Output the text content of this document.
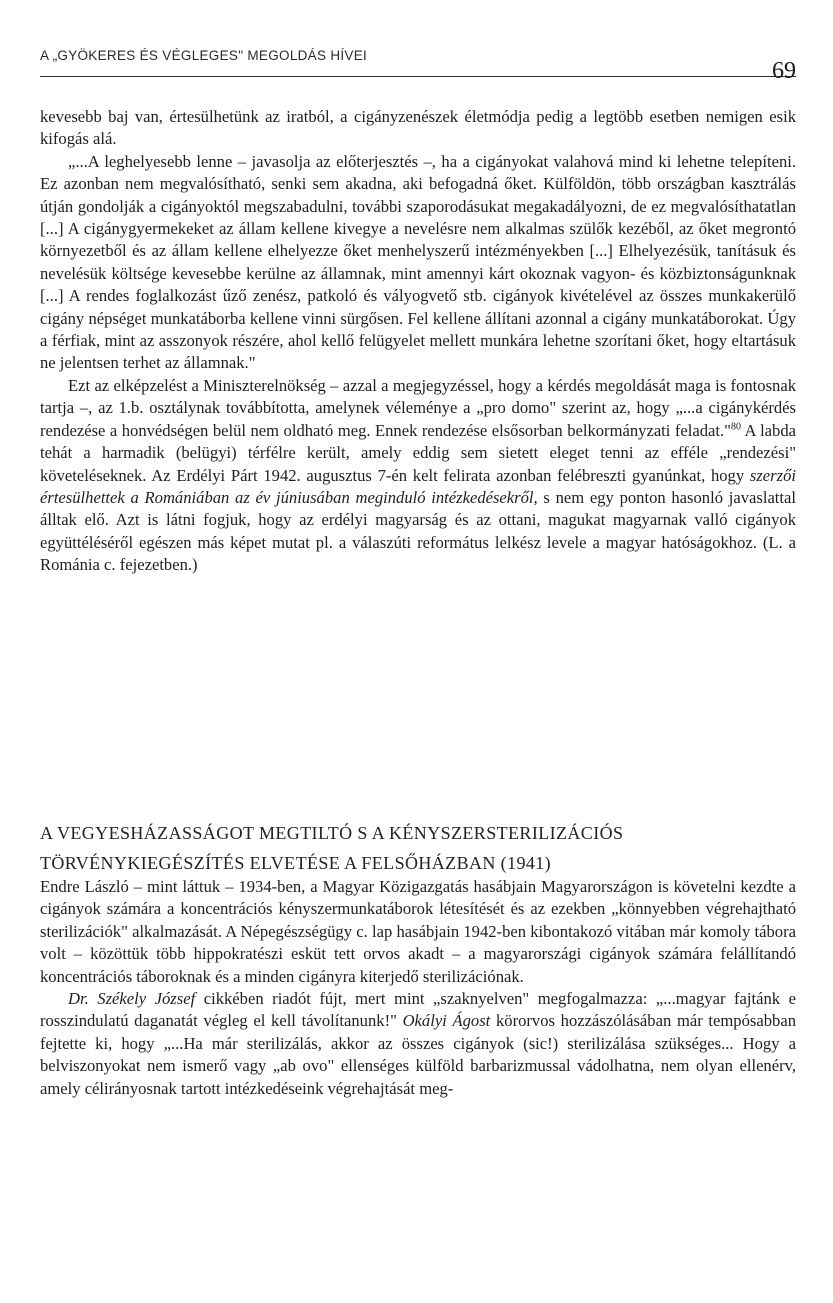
A „GYÖKERES ÉS VÉGLEGES" MEGOLDÁS HÍVEI
69

kevesebb baj van, értesülhetünk az iratból, a cigányzenészek életmódja pedig a legtöbb esetben nemigen esik kifogás alá.

„...A leghelyesebb lenne – javasolja az előterjesztés –, ha a cigányokat valahová mind ki lehetne telepíteni. Ez azonban nem megvalósítható, senki sem akadna, aki befogadná őket. Külföldön, több országban kasztrálás útján gondolják a cigányoktól megszabadulni, további szaporodásukat megakadályozni, de ez megvalósíthatatlan [...] A cigánygyermekeket az állam kellene kivegye a nevelésre nem alkalmas szülők kezéből, az őket megrontó környezetből és az állam kellene elhelyezze őket menhelyszerű intézményekben [...] Elhelyezésük, tanításuk és nevelésük költsége kevesebbe kerülne az államnak, mint amennyi kárt okoznak vagyon- és közbiztonságunknak [...] A rendes foglalkozást űző zenész, patkoló és vályogvető stb. cigányok kivételével az összes munkakerülő cigány népséget munkatáborba kellene vinni sürgősen. Fel kellene állítani azonnal a cigány munkatáborokat. Úgy a férfiak, mint az asszonyok részére, ahol kellő felügyelet mellett munkára lehetne szorítani őket, hogy eltartásuk ne jelentsen terhet az államnak."

Ezt az elképzelést a Miniszterelnökség – azzal a megjegyzéssel, hogy a kérdés megoldását maga is fontosnak tartja –, az 1.b. osztálynak továbbította, amelynek véleménye a „pro domo" szerint az, hogy „...a cigánykérdés rendezése a honvédségen belül nem oldható meg. Ennek rendezése elsősorban belkormányzati feladat."$^{80}$ A labda tehát a harmadik (belügyi) térfélre került, amely eddig sem sietett eleget tenni az efféle „rendezési" követeléseknek. Az Erdélyi Párt 1942. augusztus 7-én kelt felirata azonban felébreszti gyanúnkat, hogy szerzői értesülhettek a Romániában az év júniusában meginduló intézkedésekről, s nem egy ponton hasonló javaslattal álltak elő. Azt is látni fogjuk, hogy az erdélyi magyarság és az ottani, magukat magyarnak valló cigányok együttéléséről egészen más képet mutat pl. a válaszúti református lelkész levele a magyar hatóságokhoz. (L. a Románia c. fejezetben.)

A VEGYESHÁZASSÁGOT MEGTILTÓ S A KÉNYSZERSTERILIZÁCIÓS
TÖRVÉNYKIEGÉSZÍTÉS ELVETÉSE A FELSŐHÁZBAN (1941)

Endre László – mint láttuk – 1934-ben, a Magyar Közigazgatás hasábjain Magyarországon is követelni kezdte a cigányok számára a koncentrációs kényszermunkatáborok létesítését és az ezekben „könnyebben végrehajtható sterilizációk" alkalmazását. A Népegészségügy c. lap hasábjain 1942-ben kibontakozó vitában már komoly tábora volt – közöttük több hippokratészi esküt tett orvos akadt – a magyarországi cigányok számára felállítandó koncentrációs táboroknak és a minden cigányra kiterjedő sterilizációnak.

Dr. Székely József cikkében riadót fújt, mert mint „szaknyelven" megfogalmazza: „...magyar fajtánk e rosszindulatú daganatát végleg el kell távolítanunk!" Okályi Ágost körorvos hozzászólásában már tempósabban fejtette ki, hogy „...Ha már sterilizálás, akkor az összes cigányok (sic!) sterilizálása szükséges... Hogy a belviszonyokat nem ismerő vagy „ab ovo" ellenséges külföld barbarizmussal vádolhatna, nem olyan ellenérv, amely célirányosnak tartott intézkedéseink végrehajtását meg-
